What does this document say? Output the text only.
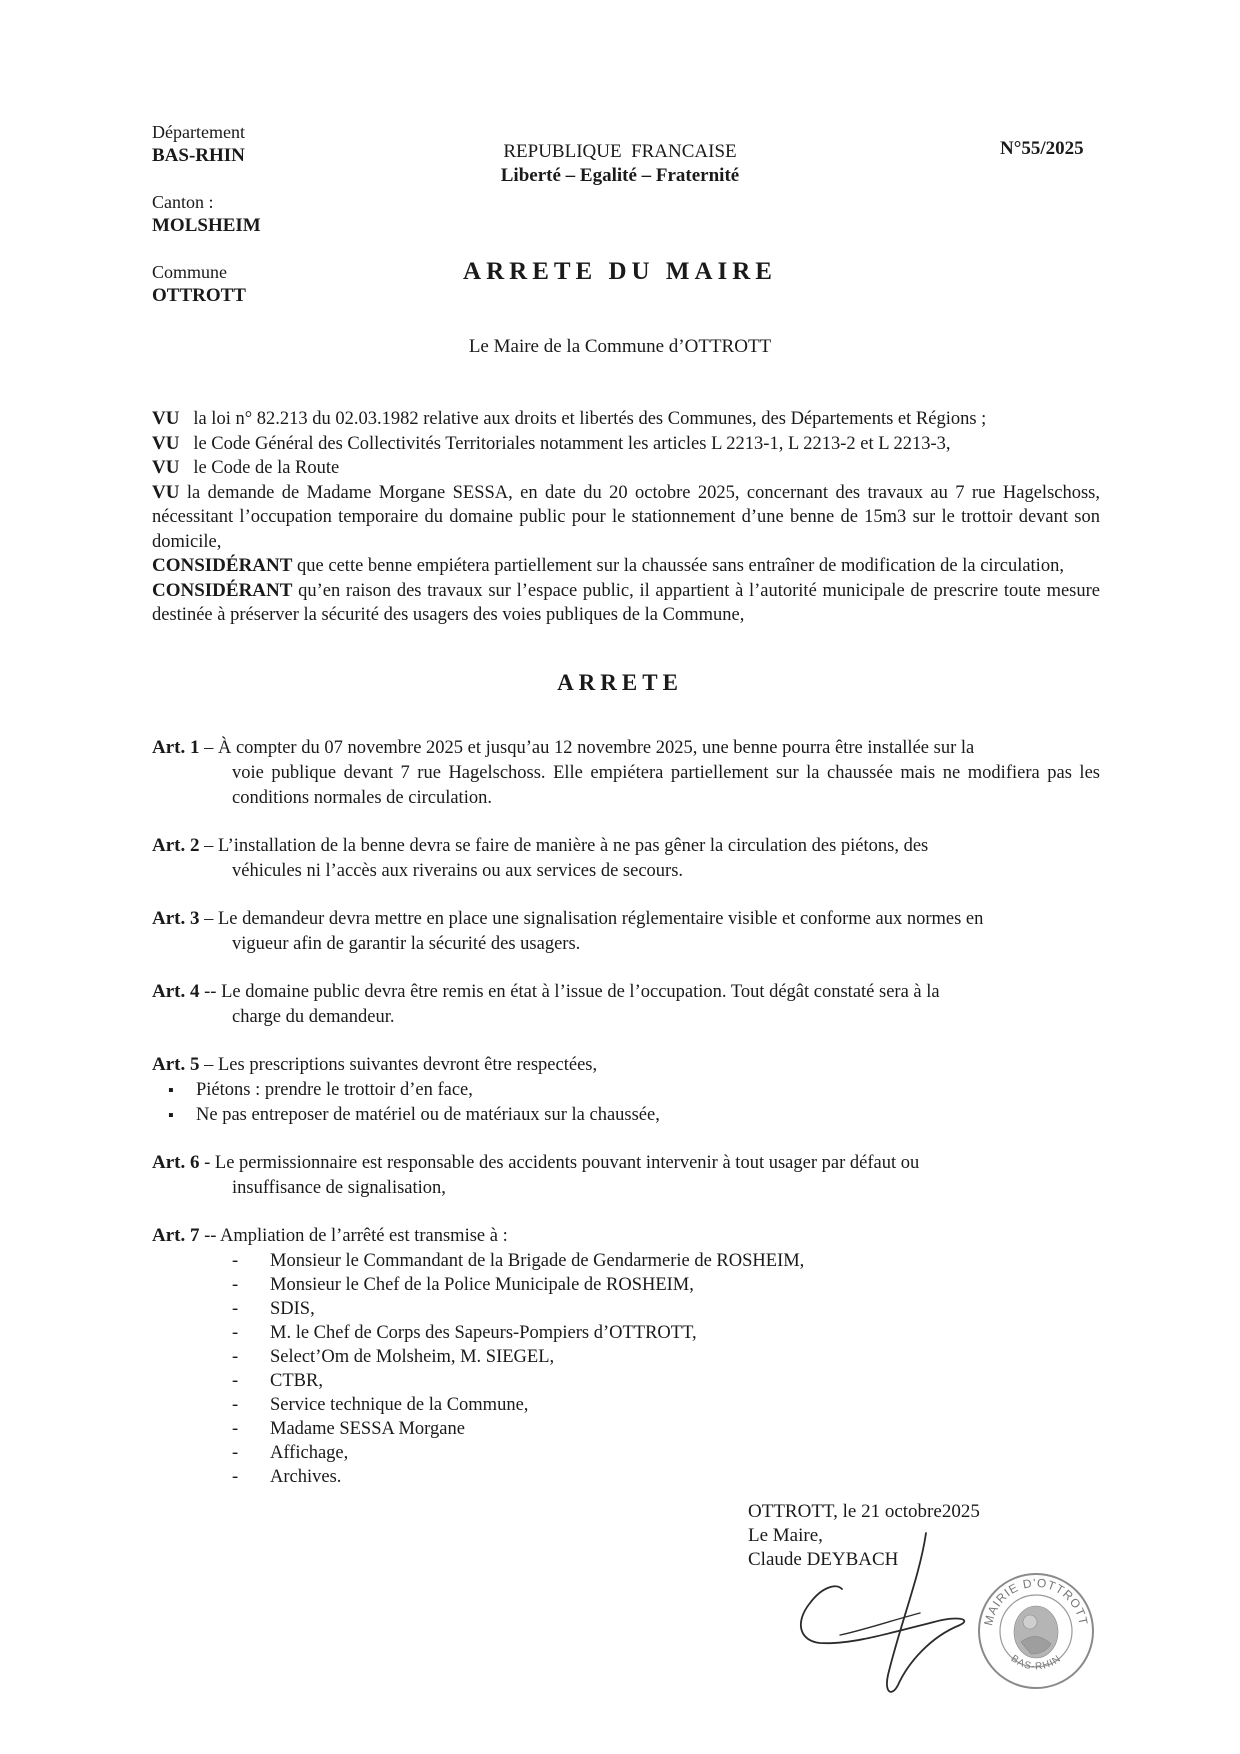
Département
BAS-RHIN
Canton :
MOLSHEIM
Commune
OTTROTT
REPUBLIQUE  FRANCAISE
Liberté – Egalité – Fraternité
N°55/2025
ARRETE DU MAIRE
Le Maire de la Commune d’OTTROTT

VU la loi n° 82.213 du 02.03.1982 relative aux droits et libertés des Communes, des Départements et Régions ;

VU le Code Général des Collectivités Territoriales notamment les articles L 2213-1, L 2213-2 et L 2213-3,

VU le Code de la Route

VU la demande de Madame Morgane SESSA, en date du 20 octobre 2025, concernant des travaux au 7 rue Hagelschoss, nécessitant l’occupation temporaire du domaine public pour le stationnement d’une benne de 15m3 sur le trottoir devant son domicile,

CONSIDÉRANT que cette benne empiétera partiellement sur la chaussée sans entraîner de modification de la circulation,

CONSIDÉRANT qu’en raison des travaux sur l’espace public, il appartient à l’autorité municipale de prescrire toute mesure destinée à préserver la sécurité des usagers des voies publiques de la Commune,

ARRETE
Art. 1 – À compter du 07 novembre 2025 et jusqu’au 12 novembre 2025, une benne pourra être installée sur la
voie publique devant 7 rue Hagelschoss. Elle empiétera partiellement sur la chaussée mais ne modifiera pas les conditions normales de circulation.
Art. 2 – L’installation de la benne devra se faire de manière à ne pas gêner la circulation des piétons, des
véhicules ni l’accès aux riverains ou aux services de secours.
Art. 3 – Le demandeur devra mettre en place une signalisation réglementaire visible et conforme aux normes en
vigueur afin de garantir la sécurité des usagers.
Art. 4 -- Le domaine public devra être remis en état à l’issue de l’occupation. Tout dégât constaté sera à la
charge du demandeur.
Art. 5 – Les prescriptions suivantes devront être respectées,
▪ Piétons : prendre le trottoir d’en face,
▪ Ne pas entreposer de matériel ou de matériaux sur la chaussée,
Art. 6 - Le permissionnaire est responsable des accidents pouvant intervenir à tout usager par défaut ou
insuffisance de signalisation,
Art. 7 -- Ampliation de l’arrêté est transmise à :
- Monsieur le Commandant de la Brigade de Gendarmerie de ROSHEIM,
- Monsieur le Chef de la Police Municipale de ROSHEIM,
- SDIS,
- M. le Chef de Corps des Sapeurs-Pompiers d’OTTROTT,
- Select’Om de Molsheim, M. SIEGEL,
- CTBR,
- Service technique de la Commune,
- Madame SESSA Morgane
- Affichage,
- Archives.
OTTROTT, le 21 octobre2025
Le Maire,
Claude DEYBACH
MAIRIE D'OTTROTT
BAS-RHIN
